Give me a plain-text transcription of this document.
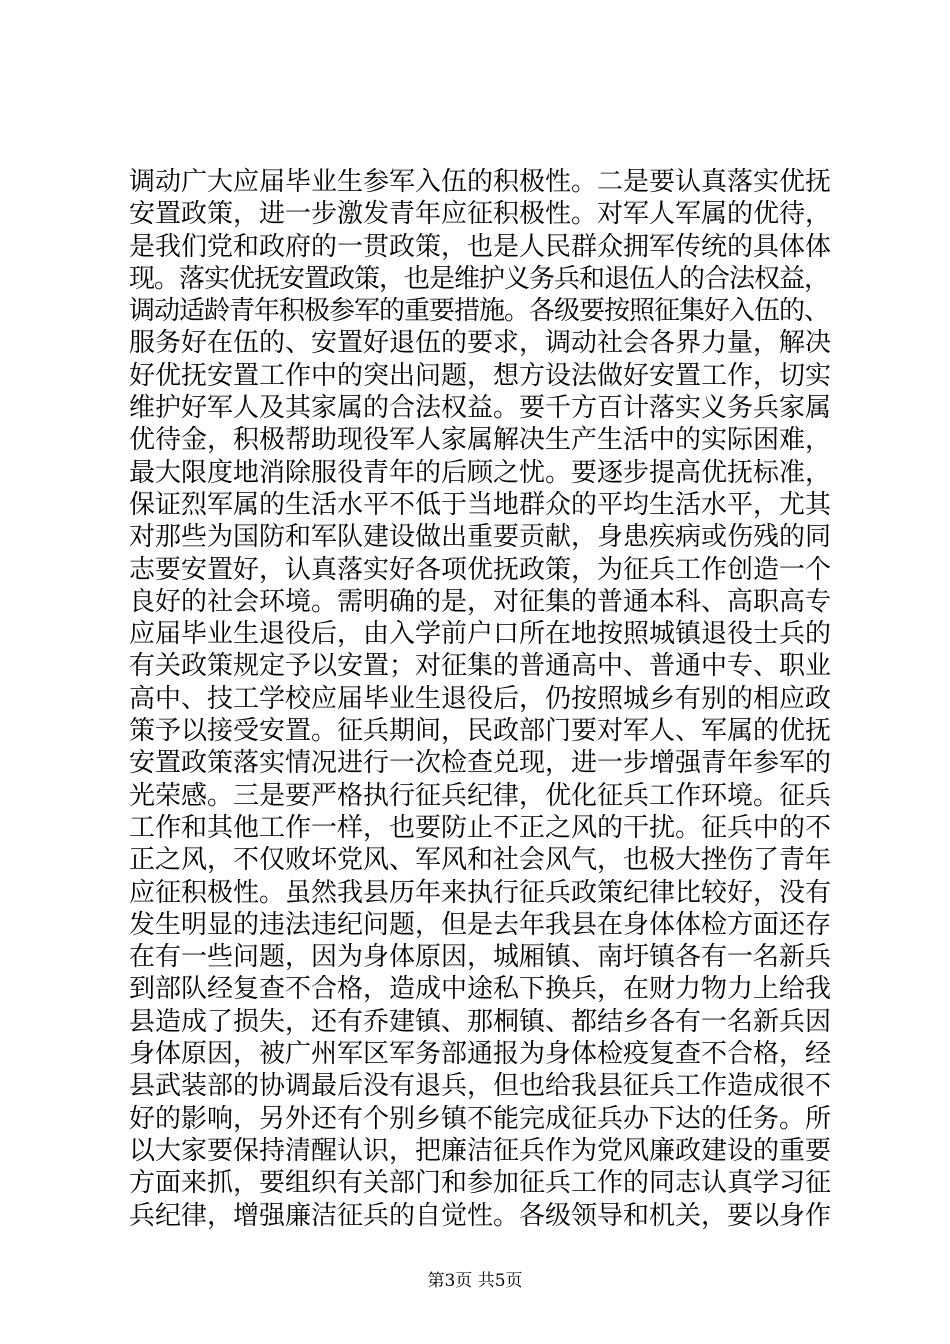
调动广大应届毕业生参军入伍的积极性。二是要认真落实优抚
安置政策，进一步激发青年应征积极性。对军人军属的优待，
是我们党和政府的一贯政策，也是人民群众拥军传统的具体体
现。落实优抚安置政策，也是维护义务兵和退伍人的合法权益，
调动适龄青年积极参军的重要措施。各级要按照征集好入伍的、
服务好在伍的、安置好退伍的要求，调动社会各界力量，解决
好优抚安置工作中的突出问题，想方设法做好安置工作，切实
维护好军人及其家属的合法权益。要千方百计落实义务兵家属
优待金，积极帮助现役军人家属解决生产生活中的实际困难，
最大限度地消除服役青年的后顾之忧。要逐步提高优抚标准，
保证烈军属的生活水平不低于当地群众的平均生活水平，尤其
对那些为国防和军队建设做出重要贡献，身患疾病或伤残的同
志要安置好，认真落实好各项优抚政策，为征兵工作创造一个
良好的社会环境。需明确的是，对征集的普通本科、高职高专
应届毕业生退役后，由入学前户口所在地按照城镇退役士兵的
有关政策规定予以安置；对征集的普通高中、普通中专、职业
高中、技工学校应届毕业生退役后，仍按照城乡有别的相应政
策予以接受安置。征兵期间，民政部门要对军人、军属的优抚
安置政策落实情况进行一次检查兑现，进一步增强青年参军的
光荣感。三是要严格执行征兵纪律，优化征兵工作环境。征兵
工作和其他工作一样，也要防止不正之风的干扰。征兵中的不
正之风，不仅败坏党风、军风和社会风气，也极大挫伤了青年
应征积极性。虽然我县历年来执行征兵政策纪律比较好，没有
发生明显的违法违纪问题，但是去年我县在身体体检方面还存
在有一些问题，因为身体原因，城厢镇、南圩镇各有一名新兵
到部队经复查不合格，造成中途私下换兵，在财力物力上给我
县造成了损失，还有乔建镇、那桐镇、都结乡各有一名新兵因
身体原因，被广州军区军务部通报为身体检疫复查不合格，经
县武装部的协调最后没有退兵，但也给我县征兵工作造成很不
好的影响，另外还有个别乡镇不能完成征兵办下达的任务。所
以大家要保持清醒认识，把廉洁征兵作为党风廉政建设的重要
方面来抓，要组织有关部门和参加征兵工作的同志认真学习征
兵纪律，增强廉洁征兵的自觉性。各级领导和机关，要以身作
第3页 共5页
